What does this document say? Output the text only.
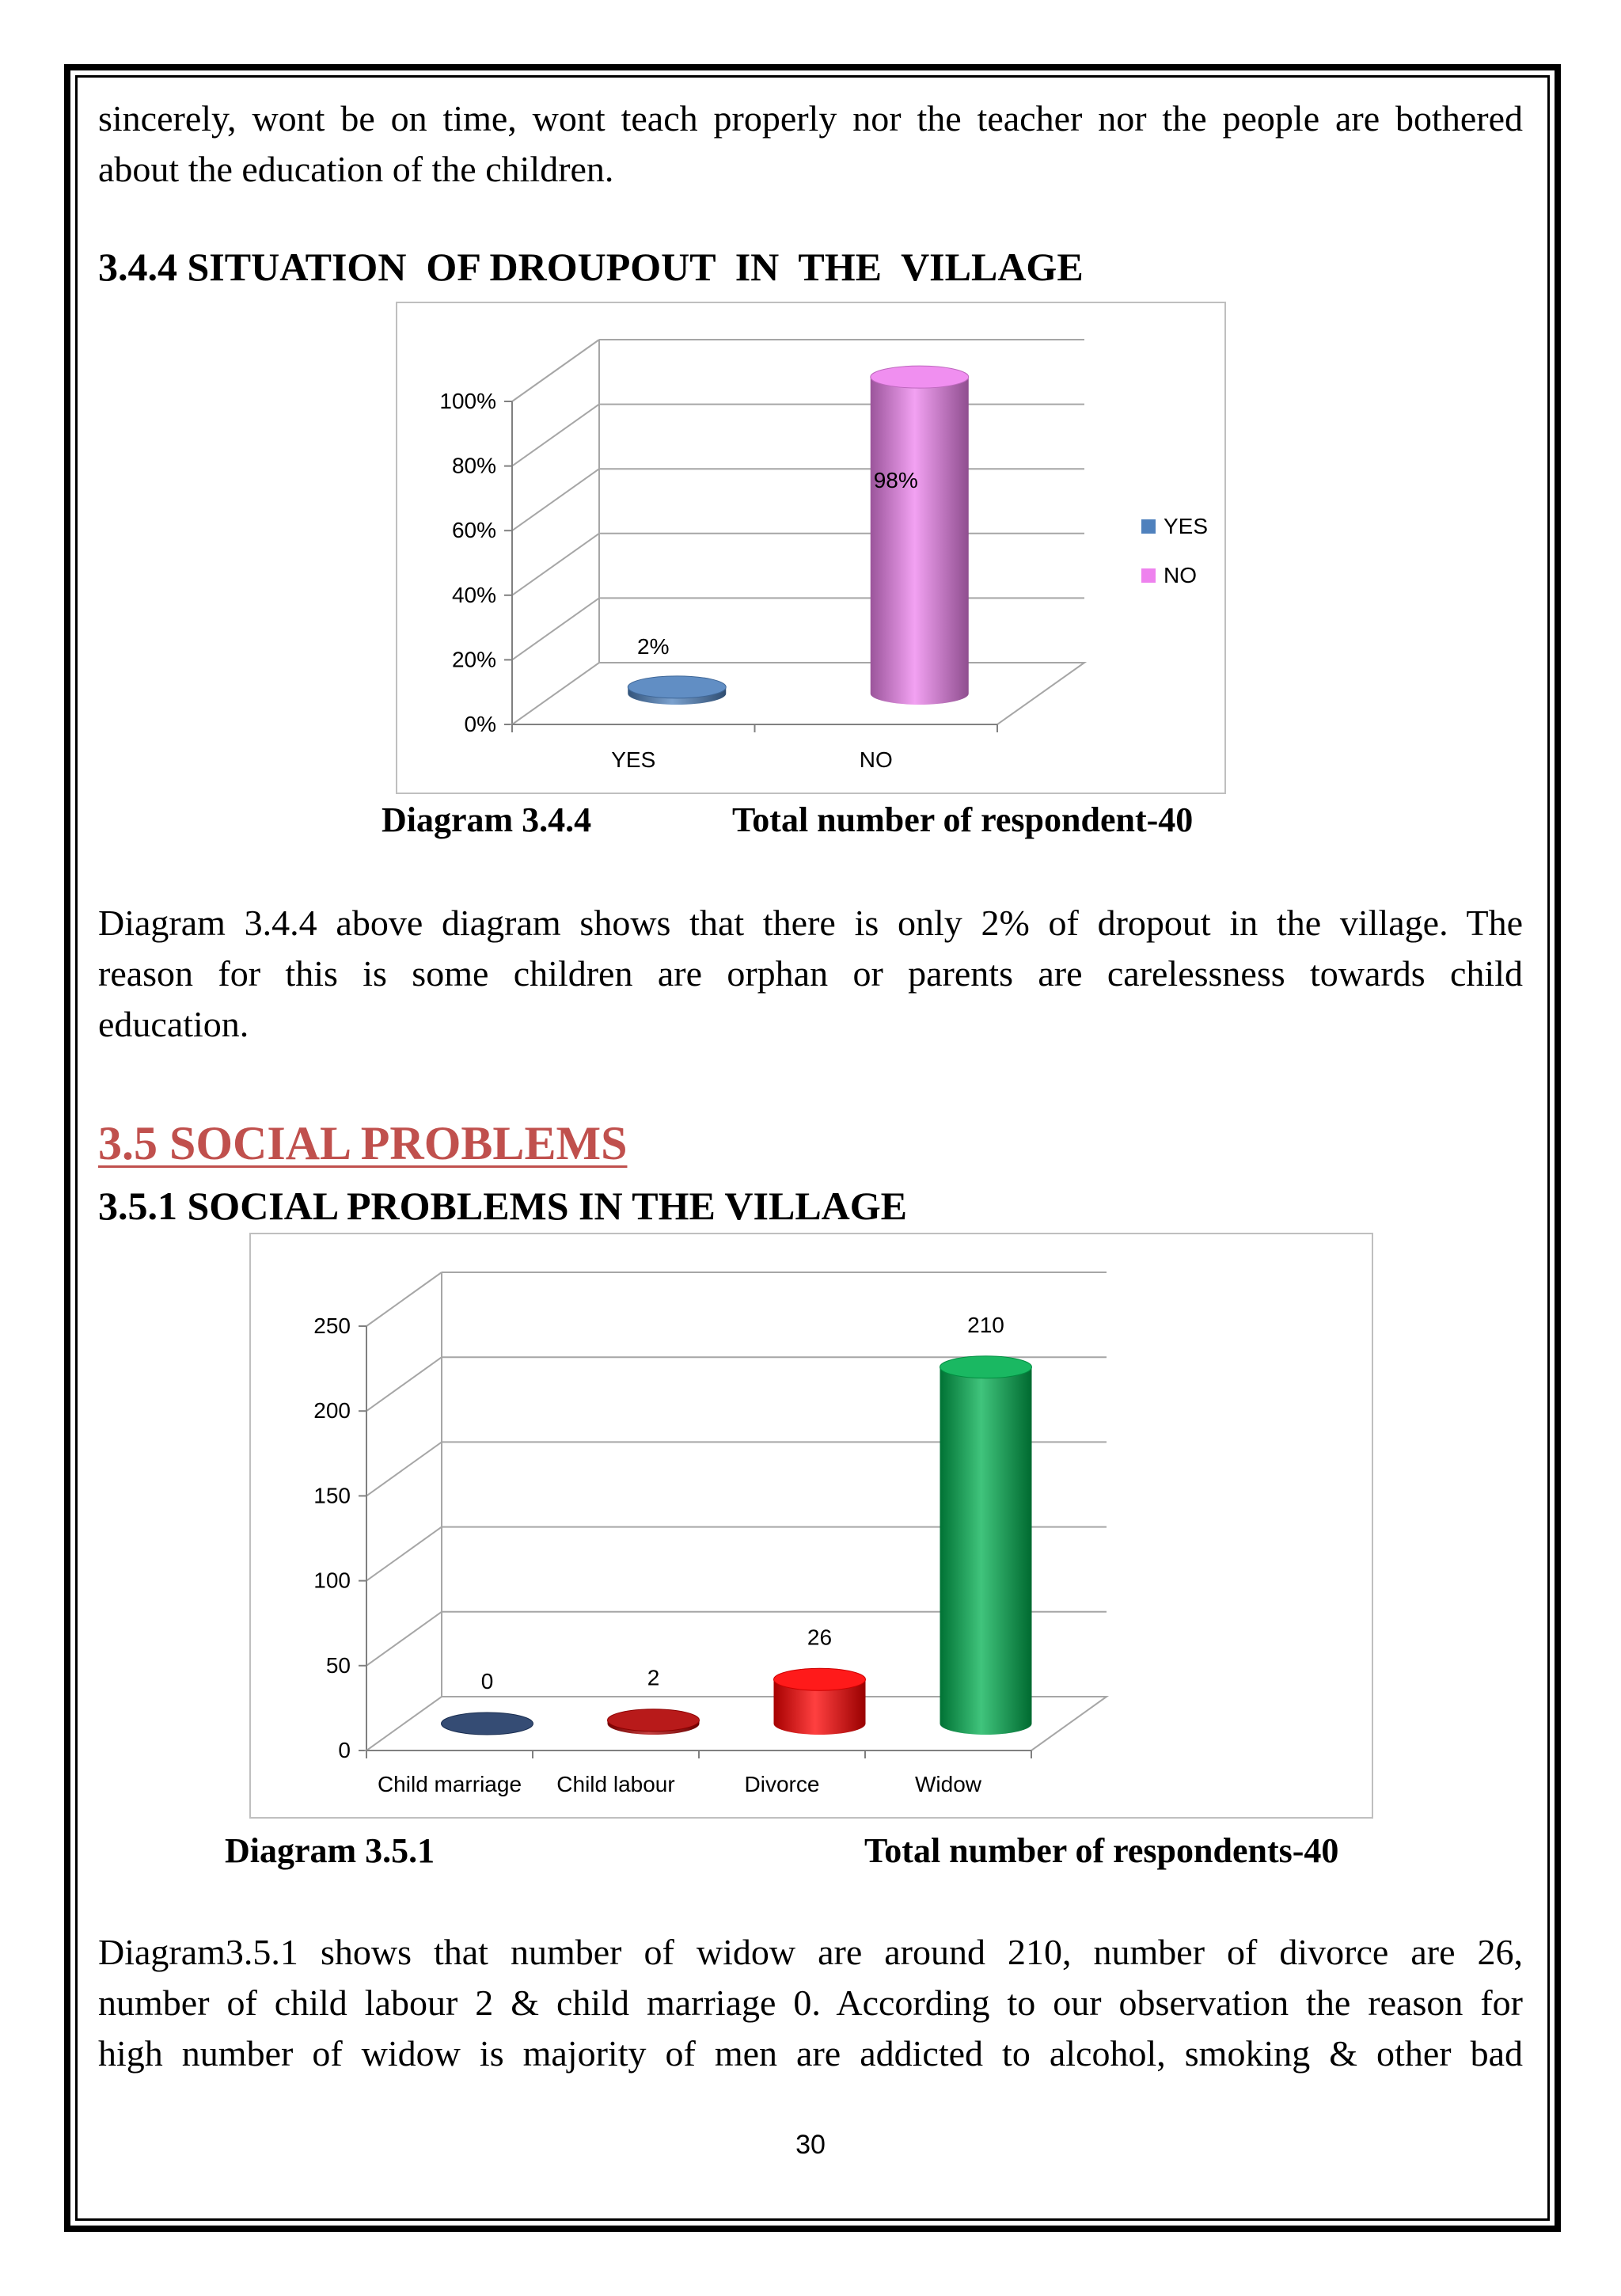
sincerely, wont be on time, wont teach properly nor the teacher nor the people are bothered
about the education of the children.
3.4.4 SITUATION  OF DROUPOUT  IN  THE  VILLAGE
0%
20%
40%
60%
80%
100%
2%
YES
98%
NO
YES
NO
Diagram 3.4.4	Total number of respondent-40
Diagram 3.4.4 above diagram shows that there is only 2% of dropout in the village. The
reason for this is some children are orphan or parents are carelessness towards child
education.
3.5 SOCIAL PROBLEMS
3.5.1 SOCIAL PROBLEMS IN THE VILLAGE
0
50
100
150
200
250
0
Child marriage
2
Child labour
26
Divorce
210
Widow
Diagram 3.5.1	Total number of respondents-40
Diagram3.5.1 shows that number of widow are around 210, number of divorce are 26,
number of child labour 2 & child marriage 0. According to our observation the reason for
high number of widow is majority of men are addicted to alcohol, smoking & other bad
30
